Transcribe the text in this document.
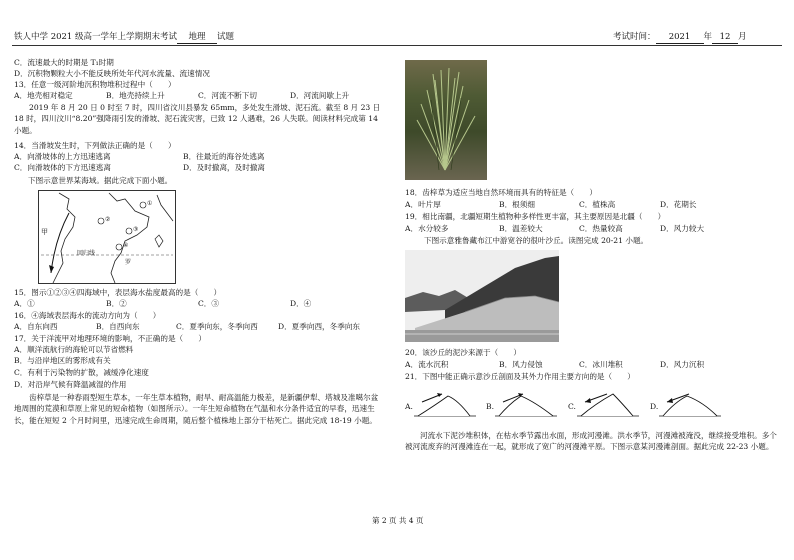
铁人中学 2021 级高一学年上学期期末考试 地理 试题	考试时间： 2021 年 12 月
C．流速最大的时期是 T₁时期
D．沉积物颗粒大小不能反映所处年代河水流量、流速情况
13．任意一级河阶地沉积物堆积过程中（　　）
A．地壳相对稳定	B．地壳持续上升	C．河流不断下切	D．河流间歇上升
2019 年 8 月 20 日 0 时至 7 时，四川省汶川县暴发 65mm，多处发生滑坡、泥石流。截至 8 月 23 日 18 时，四川汶川“8.20”强降雨引发的滑坡、泥石流灾害，已致 12 人遇难，26 人失联。阅读材料完成第 14 小题。
14．当滑坡发生时，下列做法正确的是（　　）
A．向滑坡体的上方迅速逃离	B．往最近的海谷处逃离
C．向滑坡体的下方迅速逃离	D．及时撤离，及时撤离
下图示意世界某海域。据此完成下面小题。
甲
回归线
①
②
③
④
罗
15．图示①②③④四海域中，表层海水盐度最高的是（　　）
A．①	B．②	C．③	D．④
16．④海域表层海水的流动方向为（　　）
A．自东向西	B．自西向东	C．夏季向东，冬季向西	D．夏季向西，冬季向东
17．关于洋流甲对地理环境的影响，不正确的是（　　）
A．顺洋流航行的海轮可以节省燃料
B．与沿岸地区的雾形成有关
C．有利于污染物的扩散，减缓净化速度
D．对沿岸气候有降温减湿的作用
齿梓草是一种春雨型短生草本，一年生草本植物，耐旱、耐高温能力极差，是新疆伊犁、塔城及准噶尔盆地周围的荒漠和草原上常见的短命植物（如图所示）。一年生短命植物在气温和水分条件适宜的早春，迅速生长，能在短短 2 个月时间里，迅速完成生命周期，随后整个植株地上部分干枯死亡。据此完成 18-19 小题。
18．齿梓草为适应当地自然环境而具有的特征是（　　）
A．叶片厚	B．根须细	C．植株高	D．花期长
19．相比南疆，北疆短期生植物种多样性更丰富，其主要原因是北疆（　　）
A．水分较多	B．温差较大	C．热量较高	D．风力较大
下图示意雅鲁藏布江中游宽谷的很叶沙丘。读图完成 20-21 小题。
20．该沙丘的泥沙来源于（　　）
A．流水沉积	B．风力侵蚀	C．冰川堆积	D．风力沉积
21．下图中能正确示意沙丘剖面及其外力作用主要方向的是（　　）
A.	B.	C.	D.
河流水下泥沙堆积体，在枯水季节露出水面，形成河漫滩。洪水季节，河漫滩被淹没，继续接受堆积。多个被河流废弃的河漫滩连在一起，就形成了宽广的河漫滩平原。下图示意某河漫滩剖面。据此完成 22-23 小题。
第 2 页 共 4 页
